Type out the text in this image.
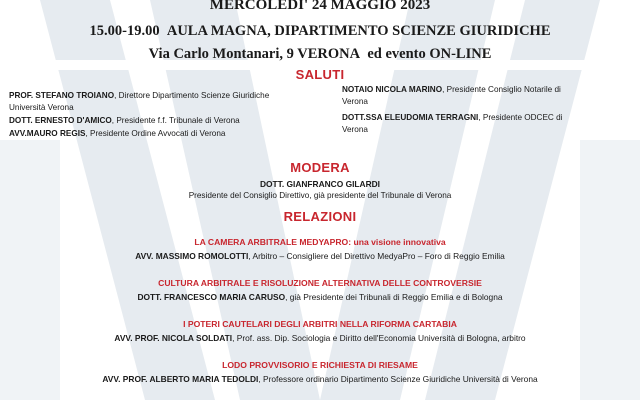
MERCOLEDI' 24 MAGGIO 2023
15.00-19.00 AULA MAGNA, DIPARTIMENTO SCIENZE GIURIDICHE
Via Carlo Montanari, 9 VERONA ed evento ON-LINE
SALUTI
PROF. STEFANO TROIANO, Direttore Dipartimento Scienze Giuridiche
Università Verona
DOTT. ERNESTO D'AMICO, Presidente f.f. Tribunale di Verona
AVV.MAURO REGIS, Presidente Ordine Avvocati di Verona
NOTAIO NICOLA MARINO, Presidente Consiglio Notarile di
Verona
DOTT.SSA ELEUDOMIA TERRAGNI, Presidente ODCEC di
Verona
MODERA
DOTT. GIANFRANCO GILARDI
Presidente del Consiglio Direttivo, già presidente del Tribunale di Verona
RELAZIONI
LA CAMERA ARBITRALE MEDYAPRO: una visione innovativa
AVV. MASSIMO ROMOLOTTI, Arbitro – Consigliere del Direttivo MedyaPro – Foro di Reggio Emilia
CULTURA ARBITRALE E RISOLUZIONE ALTERNATIVA DELLE CONTROVERSIE
DOTT. FRANCESCO MARIA CARUSO, già Presidente dei Tribunali di Reggio Emilia e di Bologna
I POTERI CAUTELARI DEGLI ARBITRI NELLA RIFORMA CARTABIA
AVV. PROF. NICOLA SOLDATI, Prof. ass. Dip. Sociologia e Diritto dell'Economia Università di Bologna, arbitro
LODO PROVVISORIO E RICHIESTA DI RIESAME
AVV. PROF. ALBERTO MARIA TEDOLDI, Professore ordinario Dipartimento Scienze Giuridiche Università di Verona
